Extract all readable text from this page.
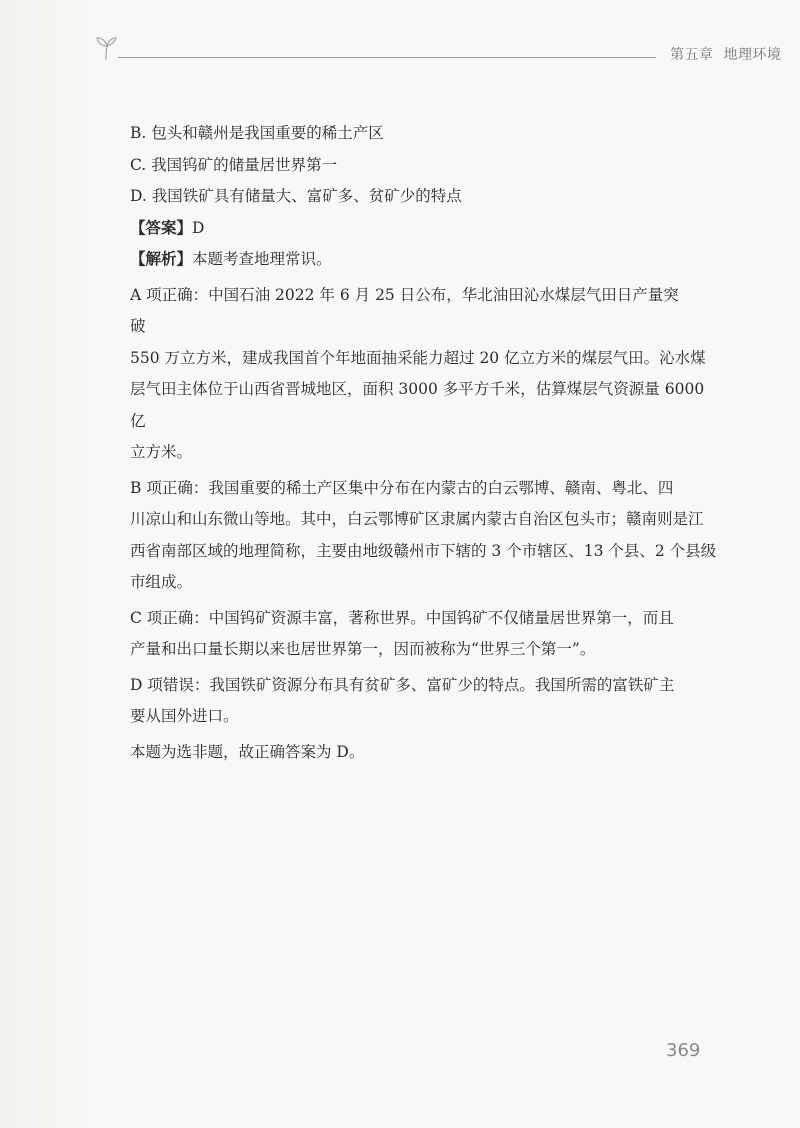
第五章 地理环境

B. 包头和赣州是我国重要的稀土产区

C. 我国钨矿的储量居世界第一

D. 我国铁矿具有储量大、富矿多、贫矿少的特点

【答案】D

【解析】本题考查地理常识。

A 项正确：中国石油 2022 年 6 月 25 日公布，华北油田沁水煤层气田日产量突破

550 万立方米，建成我国首个年地面抽采能力超过 20 亿立方米的煤层气田。沁水煤

层气田主体位于山西省晋城地区，面积 3000 多平方千米，估算煤层气资源量 6000 亿

立方米。

B 项正确：我国重要的稀土产区集中分布在内蒙古的白云鄂博、赣南、粤北、四

川凉山和山东微山等地。其中，白云鄂博矿区隶属内蒙古自治区包头市；赣南则是江

西省南部区域的地理简称，主要由地级赣州市下辖的 3 个市辖区、13 个县、2 个县级

市组成。

C 项正确：中国钨矿资源丰富，著称世界。中国钨矿不仅储量居世界第一，而且

产量和出口量长期以来也居世界第一，因而被称为“世界三个第一”。

D 项错误：我国铁矿资源分布具有贫矿多、富矿少的特点。我国所需的富铁矿主

要从国外进口。

本题为选非题，故正确答案为 D。

369
